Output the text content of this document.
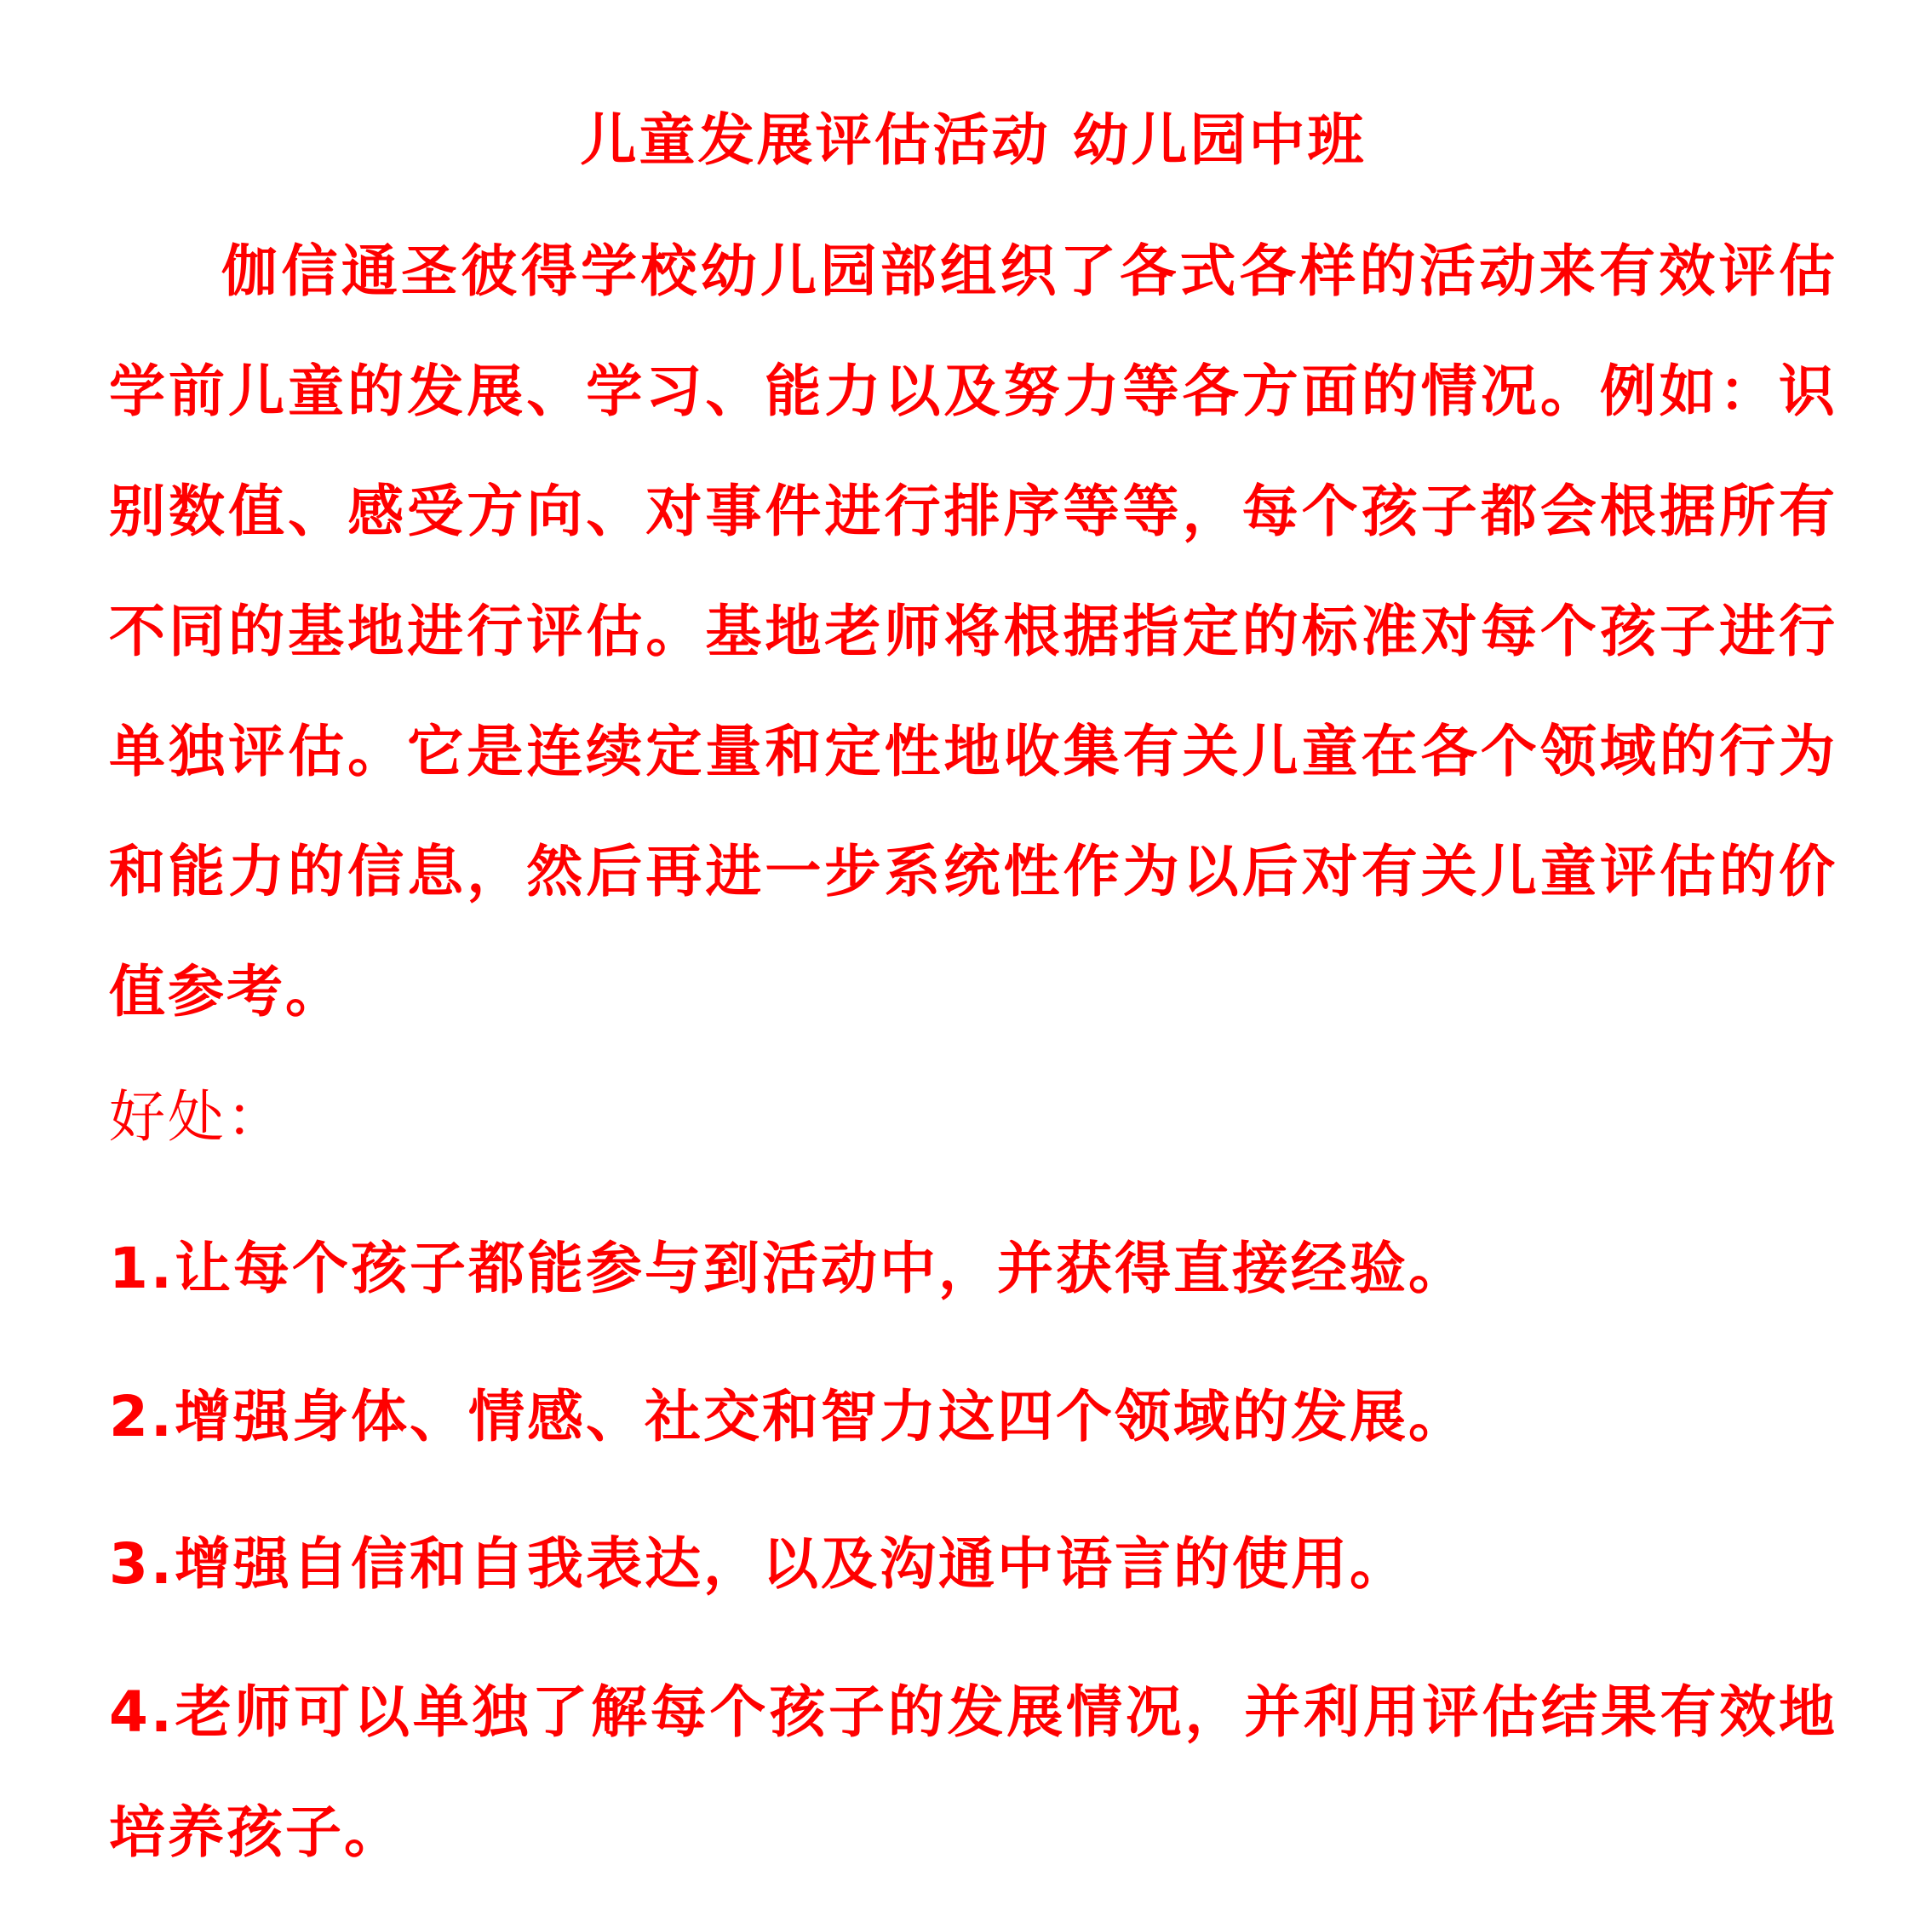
儿童发展评估活动 幼儿园中班

伽信通圣彼得学校幼儿园部组织了各式各样的活动来有效评估学前儿童的发展、学习、能力以及努力等各方面的情况。例如：识别数值、感受方向、对事件进行排序等等，每个孩子都会根据所有不同的基地进行评估。基地老师将根据指定的标准对每个孩子进行单独评估。它是连续定量和定性地收集有关儿童在各个领域的行为和能力的信息，然后再进一步系统性作为以后对有关儿童评估的价值参考。

好处：

1.让每个孩子都能参与到活动中，并获得直接经验。

2.增强身体、情感、社交和智力这四个领域的发展。

3.增强自信和自我表达，以及沟通中语言的使用。

4.老师可以单独了解每个孩子的发展情况，并利用评估结果有效地培养孩子。
